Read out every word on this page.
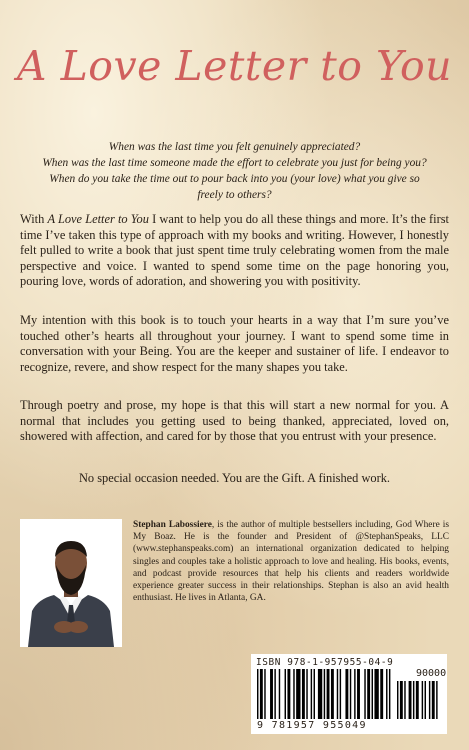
A Love Letter to You
When was the last time you felt genuinely appreciated?
When was the last time someone made the effort to celebrate you just for being you?
When do you take the time out to pour back into you (your love) what you give so
freely to others?

With A Love Letter to You I want to help you do all these things and more. It’s the first time I’ve taken this type of approach with my books and writing. However, I honestly felt pulled to write a book that just spent time truly celebrating women from the male perspective and voice. I wanted to spend some time on the page honoring you, pouring love, words of adoration, and showering you with positivity.

My intention with this book is to touch your hearts in a way that I’m sure you’ve touched other’s hearts all throughout your journey. I want to spend some time in conversation with your Being. You are the keeper and sustainer of life. I endeavor to recognize, revere, and show respect for the many shapes you take.

Through poetry and prose, my hope is that this will start a new normal for you. A normal that includes you getting used to being thanked, appreciated, loved on, showered with affection, and cared for by those that you entrust with your presence.

No special occasion needed. You are the Gift. A finished work.

Stephan Labossiere, is the author of multiple bestsellers including, God Where is My Boaz. He is the founder and President of @StephanSpeaks, LLC (www.stephanspeaks.com) an international organization dedicated to helping singles and couples take a holistic approach to love and healing. His books, events, and podcast provide resources that help his clients and readers worldwide experience greater success in their relationships. Stephan is also an avid health enthusiast. He lives in Atlanta, GA.
ISBN 978-1-957955-04-9
90000
9 781957 955049
